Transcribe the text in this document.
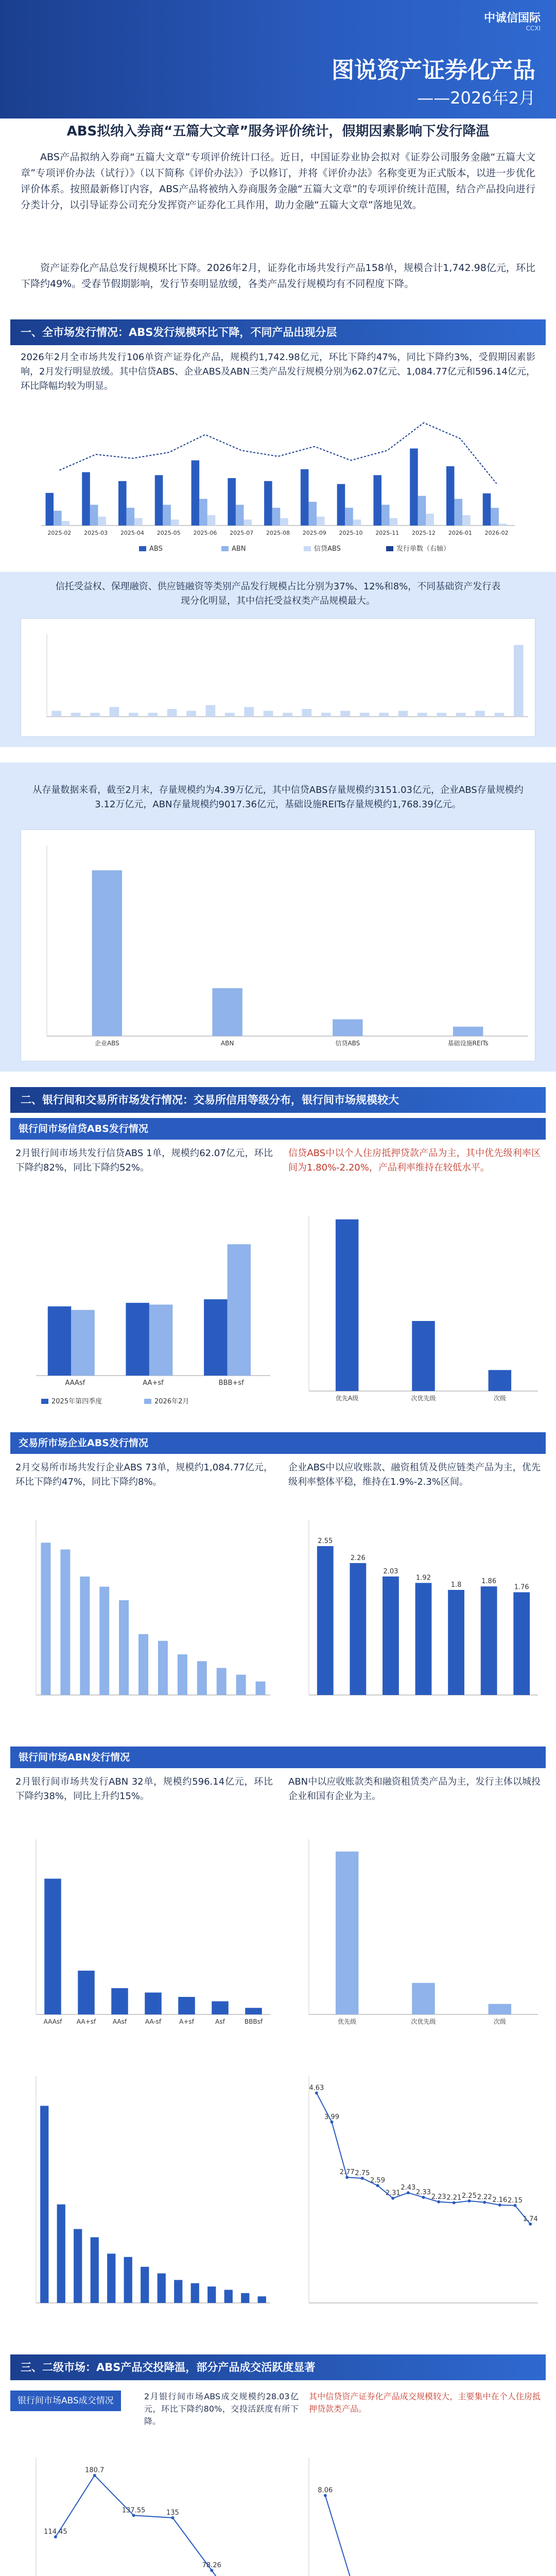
中诚信国际
CCXI
图说资产证券化产品
——2026年2月
ABS拟纳入券商“五篇大文章”服务评价统计，假期因素影响下发行降温
ABS产品拟纳入券商“五篇大文章”专项评价统计口径。近日，中国证券业协会拟对《证券公司服务金融“五篇大文章”专项评价办法（试行）》（以下简称《评价办法》）予以修订，并将《评价办法》名称变更为正式版本，以进一步优化评价体系。按照最新修订内容，ABS产品将被纳入券商服务金融“五篇大文章”的专项评价统计范围，结合产品投向进行分类计分，以引导证券公司充分发挥资产证券化工具作用，助力金融“五篇大文章”落地见效。
资产证券化产品总发行规模环比下降。2026年2月，证券化市场共发行产品158单，规模合计1,742.98亿元，环比下降约49%。受春节假期影响，发行节奏明显放缓，各类产品发行规模均有不同程度下降。
一、全市场发行情况：ABS发行规模环比下降，不同产品出现分层
2026年2月全市场共发行106单资产证券化产品，规模约1,742.98亿元，环比下降约47%，同比下降约3%，受假期因素影响，2月发行明显放缓。其中信贷ABS、企业ABS及ABN三类产品发行规模分别为62.07亿元、1,084.77亿元和596.14亿元，环比降幅均较为明显。
2025-02 2025-03 2025-04 2025-05 2025-06 2025-07 2025-08 2025-09 2025-10 2025-11 2025-12 2026-01 2026-02
ABS	ABN	信贷ABS	发行单数（右轴）
信托受益权、保理融资、供应链融资等类别产品发行规模占比分别为37%、12%和8%，不同基础资产发行表现分化明显，其中信托受益权类产品规模最大。
从存量数据来看，截至2月末，存量规模约为4.39万亿元，其中信贷ABS存量规模约3151.03亿元，企业ABS存量规模约3.12万亿元，ABN存量规模约9017.36亿元，基础设施REITs存量规模约1,768.39亿元。
企业ABS	ABN	信贷ABS	基础设施REITs
二、银行间和交易所市场发行情况：交易所信用等级分布，银行间市场规模较大
银行间市场信贷ABS发行情况
2月银行间市场共发行信贷ABS 1单，规模约62.07亿元，环比下降约82%，同比下降约52%。
信贷ABS中以个人住房抵押贷款产品为主，其中优先级利率区间为1.80%-2.20%，产品利率维持在较低水平。
AAAsf	AA+sf	BBB+sf
2025年第四季度	2026年2月	优先A级	次优先级	次级
交易所市场企业ABS发行情况
2月交易所市场共发行企业ABS 73单，规模约1,084.77亿元，环比下降约47%，同比下降约8%。
企业ABS中以应收账款、融资租赁及供应链类产品为主，优先级利率整体平稳，维持在1.9%-2.3%区间。
2.55
2.26
2.03
1.92
1.8	1.86
1.76
银行间市场ABN发行情况
2月银行间市场共发行ABN 32单，规模约596.14亿元，环比下降约38%，同比上升约15%。
ABN中以应收账款类和融资租赁类产品为主，发行主体以城投企业和国有企业为主。
AAAsf AA+sf	AAsf	AA-sf	A+sf	Asf	BBBsf	优先级	次优先级	次级
4.63
3.99
2.77 2.75
2.59
2.31
2.43
2.33
2.23 2.21 2.25 2.22 2.16 2.15
1.74
三、二级市场：ABS产品交投降温，部分产品成交活跃度显著
银行间市场ABS成交情况	2月银行间市场ABS成交规模约28.03亿元，环比下降约80%，交投活跃度有所下降。
其中信贷资产证券化产品成交规模较大，主要集中在个人住房抵押贷款类产品。
114.45
180.7
137.55	135
78.26
8.06
